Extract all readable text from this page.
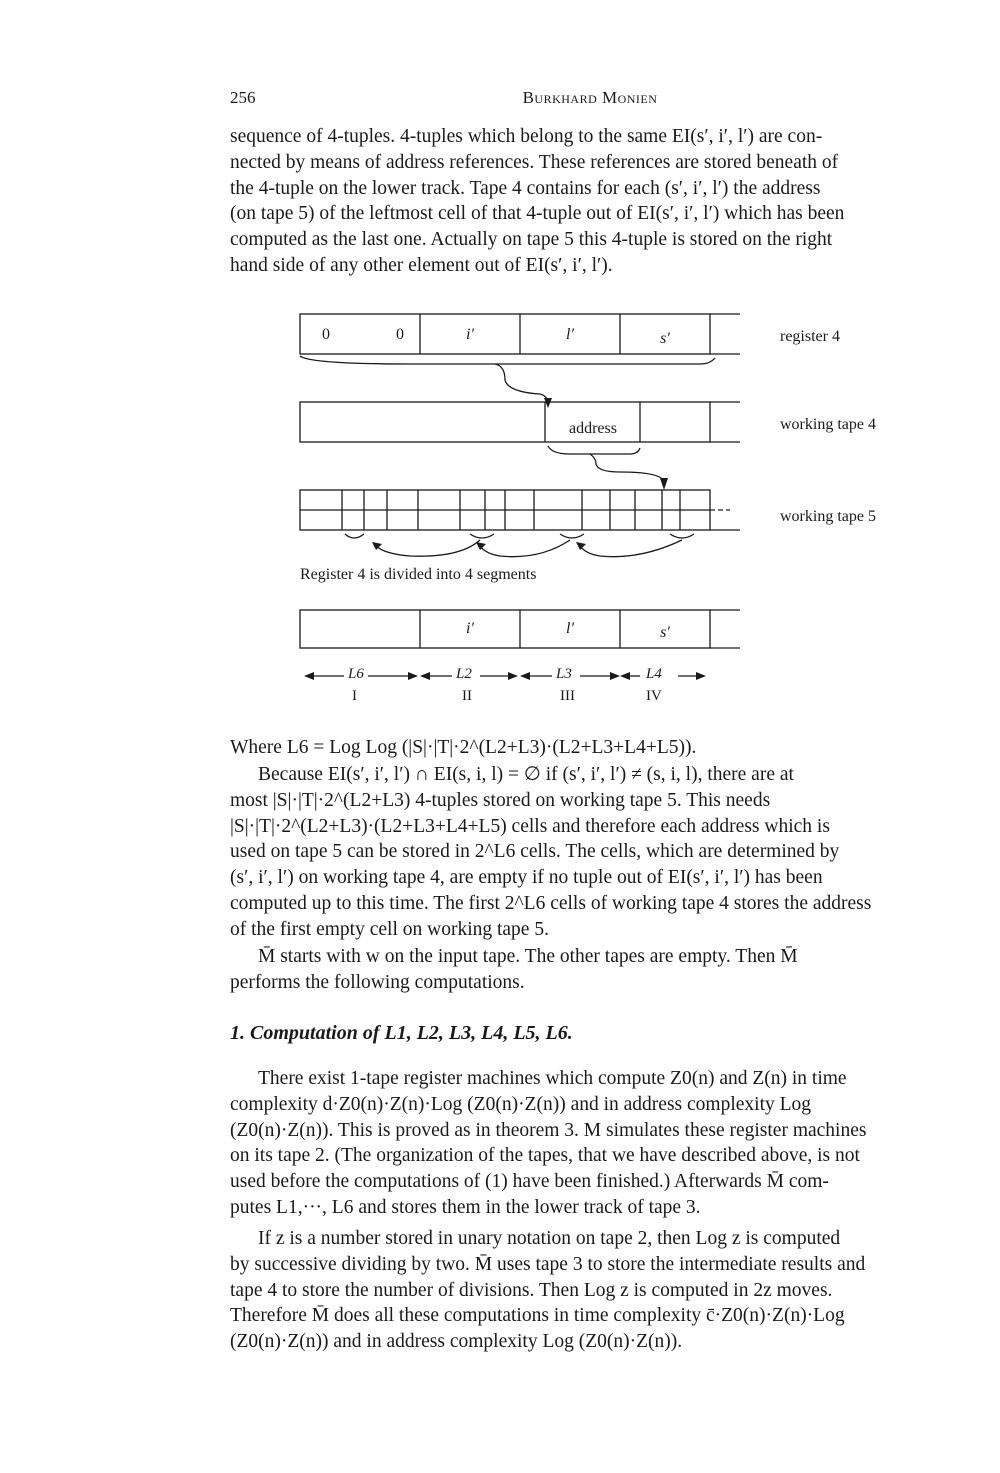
256	Burkhard Monien
sequence of 4-tuples. 4-tuples which belong to the same EI(s′, i′, l′) are con-
nected by means of address references. These references are stored beneath of
the 4-tuple on the lower track. Tape 4 contains for each (s′, i′, l′) the address
(on tape 5) of the leftmost cell of that 4-tuple out of EI(s′, i′, l′) which has been
computed as the last one. Actually on tape 5 this 4-tuple is stored on the right
hand side of any other element out of EI(s′, i′, l′).
0	0	i′	l′	s′	register 4
address	working tape 4
working tape 5
Register 4 is divided into 4 segments
i′	l′	s′
L6	L2	L3	L4
I	II	III	IV
Where L6 = Log Log (|S|·|T|·2^(L2+L3)·(L2+L3+L4+L5)).
Because EI(s′, i′, l′) ∩ EI(s, i, l) = ∅ if (s′, i′, l′) ≠ (s, i, l), there are at
most |S|·|T|·2^(L2+L3) 4-tuples stored on working tape 5. This needs
|S|·|T|·2^(L2+L3)·(L2+L3+L4+L5) cells and therefore each address which is
used on tape 5 can be stored in 2^L6 cells. The cells, which are determined by
(s′, i′, l′) on working tape 4, are empty if no tuple out of EI(s′, i′, l′) has been
computed up to this time. The first 2^L6 cells of working tape 4 stores the address
of the first empty cell on working tape 5.
M̄ starts with w on the input tape. The other tapes are empty. Then M̄
performs the following computations.
1. Computation of L1, L2, L3, L4, L5, L6.
There exist 1-tape register machines which compute Z0(n) and Z(n) in time
complexity d·Z0(n)·Z(n)·Log (Z0(n)·Z(n)) and in address complexity Log
(Z0(n)·Z(n)). This is proved as in theorem 3. M simulates these register machines
on its tape 2. (The organization of the tapes, that we have described above, is not
used before the computations of (1) have been finished.) Afterwards M̄ com-
putes L1,···, L6 and stores them in the lower track of tape 3.
If z is a number stored in unary notation on tape 2, then Log z is computed
by successive dividing by two. M̄ uses tape 3 to store the intermediate results and
tape 4 to store the number of divisions. Then Log z is computed in 2z moves.
Therefore M̄ does all these computations in time complexity c̄·Z0(n)·Z(n)·Log
(Z0(n)·Z(n)) and in address complexity Log (Z0(n)·Z(n)).
